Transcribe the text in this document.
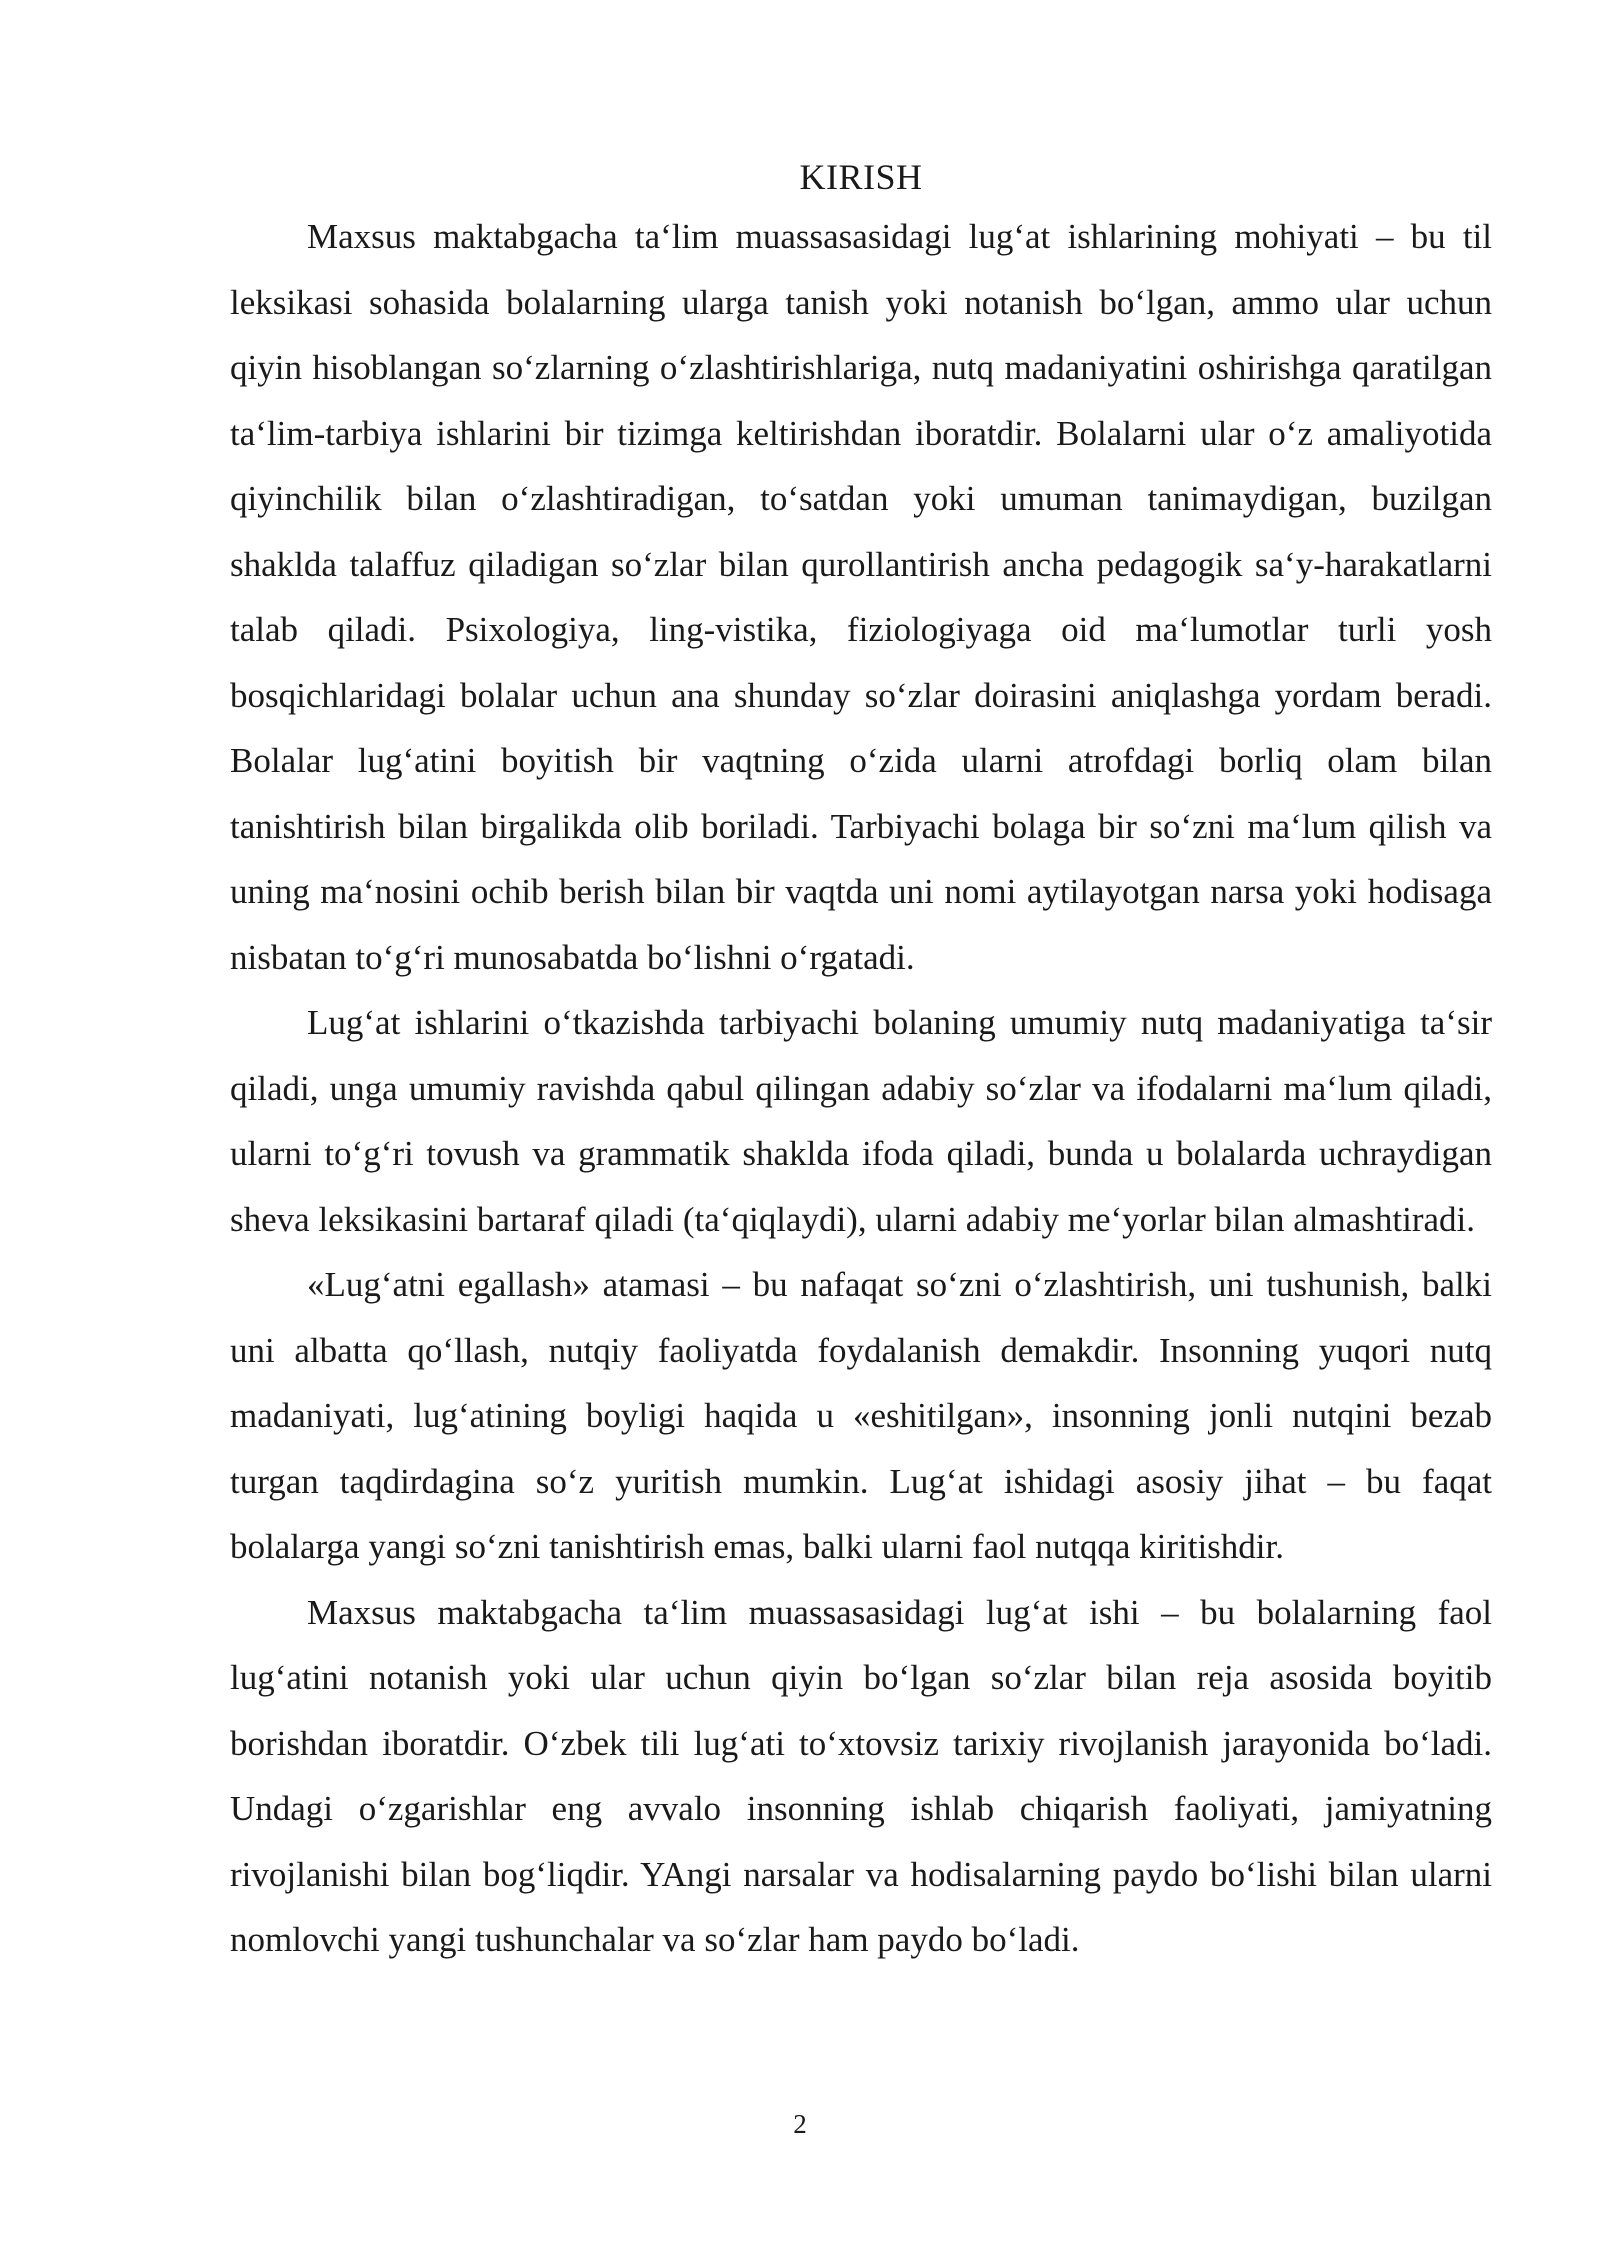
KIRISH

Maxsus maktabgacha ta‘lim muassasasidagi lug‘at ishlarining mohiyati – bu til leksikasi sohasida bolalarning ularga tanish yoki notanish bo‘lgan, ammo ular uchun qiyin hisoblangan so‘zlarning o‘zlashtirishlariga, nutq madaniyatini oshirishga qaratilgan ta‘lim-tarbiya ishlarini bir tizimga keltirishdan iboratdir. Bolalarni ular o‘z amaliyotida qiyinchilik bilan o‘zlashtiradigan, to‘satdan yoki umuman tanimaydigan, buzilgan shaklda talaffuz qiladigan so‘zlar bilan qurollantirish ancha pedagogik sa‘y-harakatlarni talab qiladi. Psixologiya, ling-vistika, fiziologiyaga oid ma‘lumotlar turli yosh bosqichlaridagi bolalar uchun ana shunday so‘zlar doirasini aniqlashga yordam beradi. Bolalar lug‘atini boyitish bir vaqtning o‘zida ularni atrofdagi borliq olam bilan tanishtirish bilan birgalikda olib boriladi. Tarbiyachi bolaga bir so‘zni ma‘lum qilish va uning ma‘nosini ochib berish bilan bir vaqtda uni nomi aytilayotgan narsa yoki hodisaga nisbatan to‘g‘ri munosabatda bo‘lishni o‘rgatadi.

Lug‘at ishlarini o‘tkazishda tarbiyachi bolaning umumiy nutq madaniyatiga ta‘sir qiladi, unga umumiy ravishda qabul qilingan adabiy so‘zlar va ifodalarni ma‘lum qiladi, ularni to‘g‘ri tovush va grammatik shaklda ifoda qiladi, bunda u bolalarda uchraydigan sheva leksikasini bartaraf qiladi (ta‘qiqlaydi), ularni adabiy me‘yorlar bilan almashtiradi.

«Lug‘atni egallash» atamasi – bu nafaqat so‘zni o‘zlashtirish, uni tushunish, balki uni albatta qo‘llash, nutqiy faoliyatda foydalanish demakdir. Insonning yuqori nutq madaniyati, lug‘atining boyligi haqida u «eshitilgan», insonning jonli nutqini bezab turgan taqdirdagina so‘z yuritish mumkin. Lug‘at ishidagi asosiy jihat – bu faqat bolalarga yangi so‘zni tanishtirish emas, balki ularni faol nutqqa kiritishdir.

Maxsus maktabgacha ta‘lim muassasasidagi lug‘at ishi – bu bolalarning faol lug‘atini notanish yoki ular uchun qiyin bo‘lgan so‘zlar bilan reja asosida boyitib borishdan iboratdir. O‘zbek tili lug‘ati to‘xtovsiz tarixiy rivojlanish jarayonida bo‘ladi. Undagi o‘zgarishlar eng avvalo insonning ishlab chiqarish faoliyati, jamiyatning rivojlanishi bilan bog‘liqdir. YAngi narsalar va hodisalarning paydo bo‘lishi bilan ularni nomlovchi yangi tushunchalar va so‘zlar ham paydo bo‘ladi.

2
